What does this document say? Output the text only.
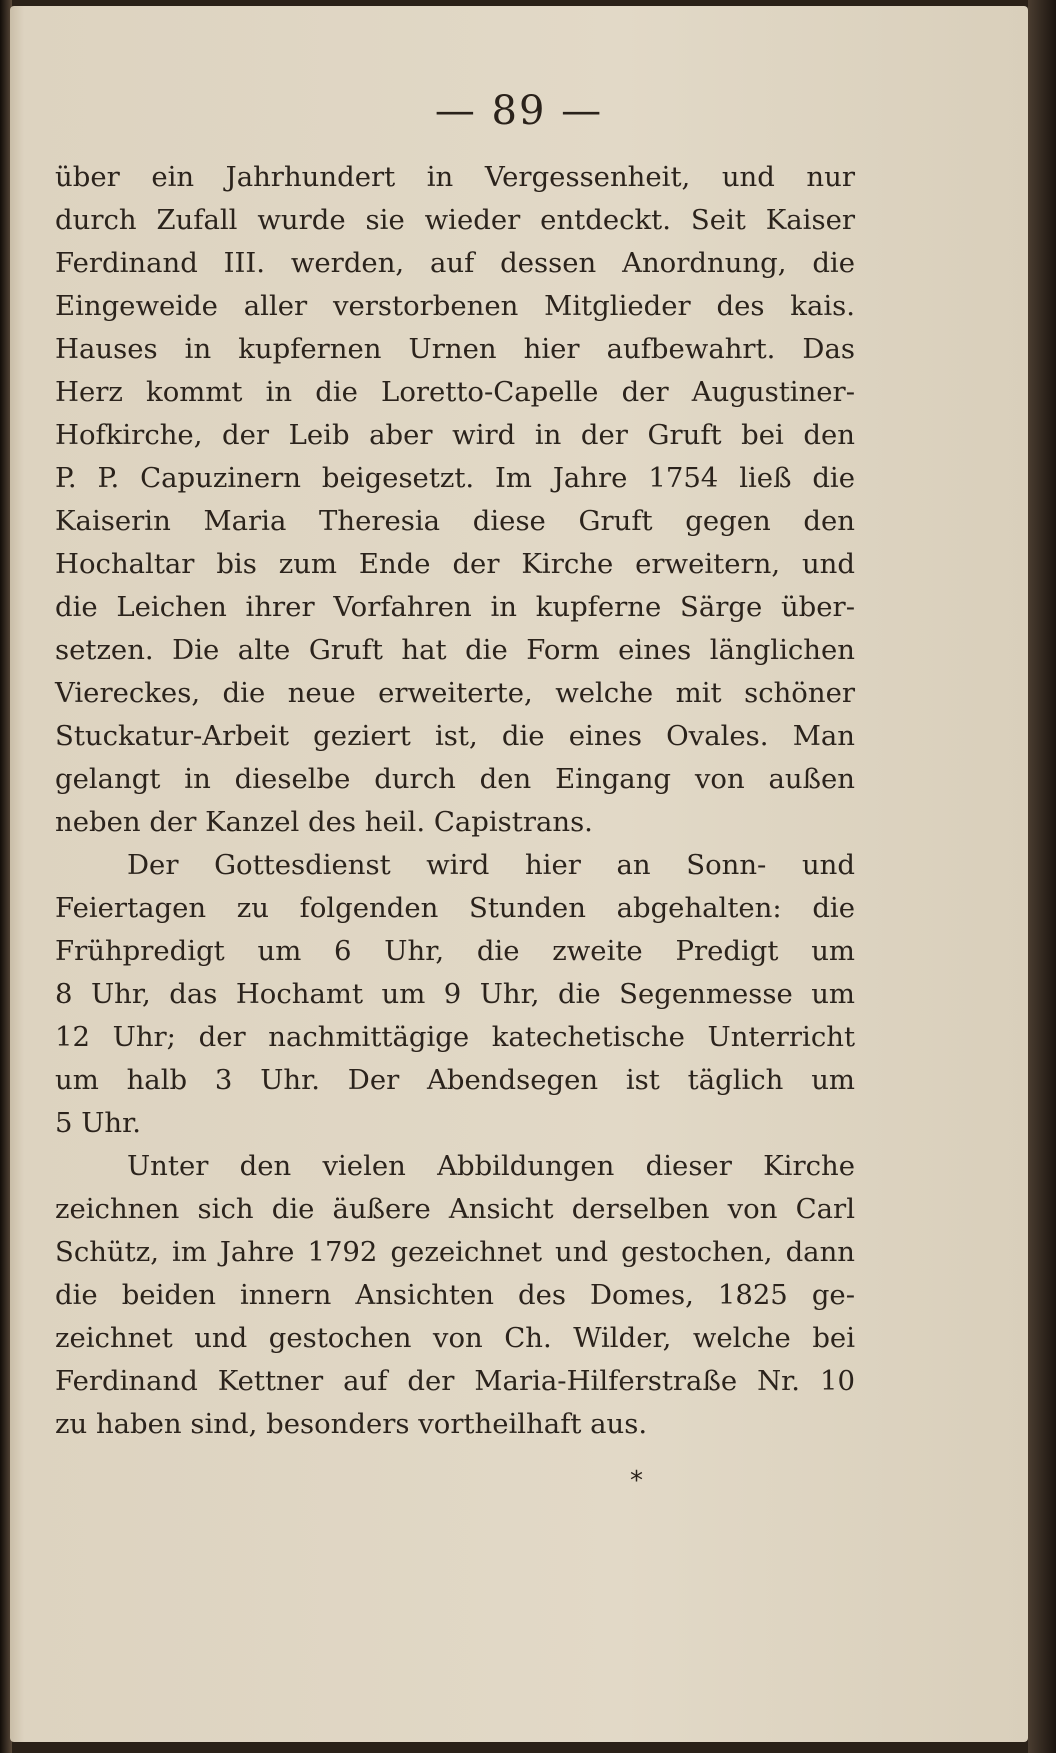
— 89 —
über ein Jahrhundert in Vergessenheit, und nur
durch Zufall wurde sie wieder entdeckt. Seit Kaiser
Ferdinand III. werden, auf dessen Anordnung, die
Eingeweide aller verstorbenen Mitglieder des kais.
Hauses in kupfernen Urnen hier aufbewahrt. Das
Herz kommt in die Loretto-Capelle der Augustiner-
Hofkirche, der Leib aber wird in der Gruft bei den
P. P. Capuzinern beigesetzt. Im Jahre 1754 ließ die
Kaiserin Maria Theresia diese Gruft gegen den
Hochaltar bis zum Ende der Kirche erweitern, und
die Leichen ihrer Vorfahren in kupferne Särge über-
setzen. Die alte Gruft hat die Form eines länglichen
Viereckes, die neue erweiterte, welche mit schöner
Stuckatur-Arbeit geziert ist, die eines Ovales. Man
gelangt in dieselbe durch den Eingang von außen
neben der Kanzel des heil. Capistrans.
Der Gottesdienst wird hier an Sonn- und
Feiertagen zu folgenden Stunden abgehalten: die
Frühpredigt um 6 Uhr, die zweite Predigt um
8 Uhr, das Hochamt um 9 Uhr, die Segenmesse um
12 Uhr; der nachmittägige katechetische Unterricht
um halb 3 Uhr. Der Abendsegen ist täglich um
5 Uhr.
Unter den vielen Abbildungen dieser Kirche
zeichnen sich die äußere Ansicht derselben von Carl
Schütz, im Jahre 1792 gezeichnet und gestochen, dann
die beiden innern Ansichten des Domes, 1825 ge-
zeichnet und gestochen von Ch. Wilder, welche bei
Ferdinand Kettner auf der Maria-Hilferstraße Nr. 10
zu haben sind, besonders vortheilhaft aus.
*
